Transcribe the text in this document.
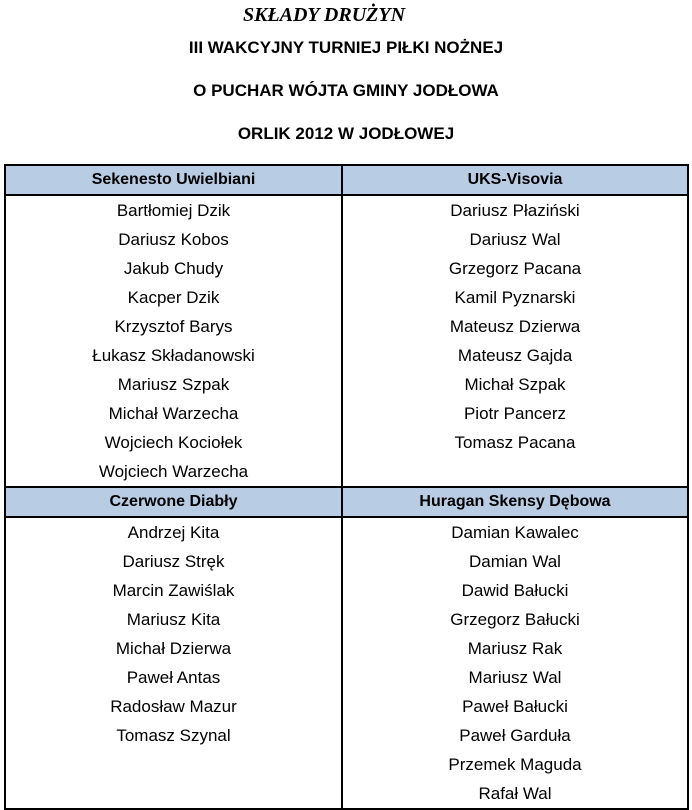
SKŁADY DRUŻYN
III WAKCYJNY TURNIEJ PIŁKI NOŻNEJ
O PUCHAR WÓJTA GMINY JODŁOWA
ORLIK 2012 W JODŁOWEJ
Sekenesto Uwielbiani	UKS-Visovia
Bartłomiej Dzik	Dariusz Płaziński
Dariusz Kobos	Dariusz Wal
Jakub Chudy	Grzegorz Pacana
Kacper Dzik	Kamil Pyznarski
Krzysztof Barys	Mateusz Dzierwa
Łukasz Składanowski	Mateusz Gajda
Mariusz Szpak	Michał Szpak
Michał Warzecha	Piotr Pancerz
Wojciech Kociołek	Tomasz Pacana
Wojciech Warzecha	
Czerwone Diabły	Huragan Skensy Dębowa
Andrzej Kita	Damian Kawalec
Dariusz Stręk	Damian Wal
Marcin Zawiślak	Dawid Bałucki
Mariusz Kita	Grzegorz Bałucki
Michał Dzierwa	Mariusz Rak
Paweł Antas	Mariusz Wal
Radosław Mazur	Paweł Bałucki
Tomasz Szynal	Paweł Garduła
	Przemek Maguda
	Rafał Wal
